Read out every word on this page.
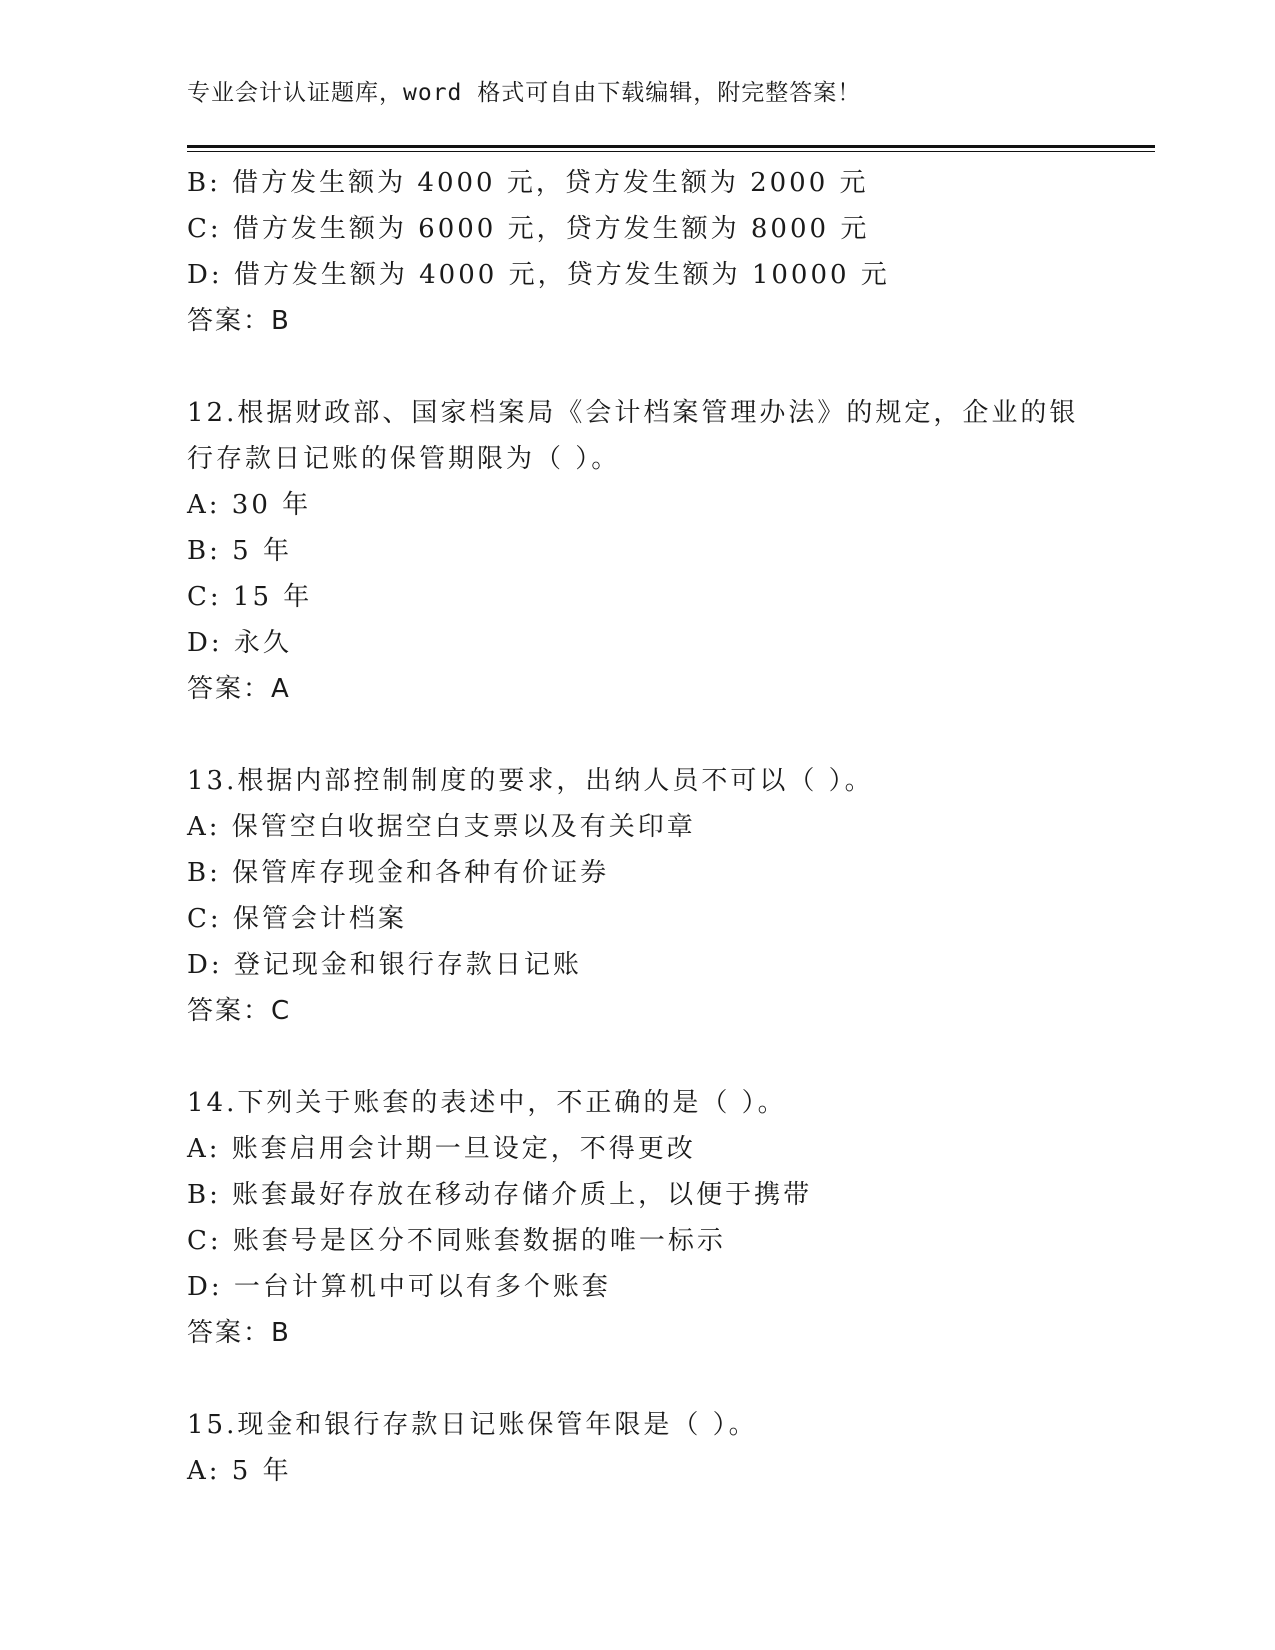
专业会计认证题库，word 格式可自由下载编辑，附完整答案！
B: 借方发生额为 4000 元，贷方发生额为 2000 元
C: 借方发生额为 6000 元，贷方发生额为 8000 元
D: 借方发生额为 4000 元，贷方发生额为 10000 元
答案：B
12.根据财政部、国家档案局《会计档案管理办法》的规定，企业的银
行存款日记账的保管期限为（ ）。
A: 30 年
B: 5 年
C: 15 年
D: 永久
答案：A
13.根据内部控制制度的要求，出纳人员不可以（ ）。
A: 保管空白收据空白支票以及有关印章
B: 保管库存现金和各种有价证券
C: 保管会计档案
D: 登记现金和银行存款日记账
答案：C
14.下列关于账套的表述中，不正确的是（ ）。
A: 账套启用会计期一旦设定，不得更改
B: 账套最好存放在移动存储介质上，以便于携带
C: 账套号是区分不同账套数据的唯一标示
D: 一台计算机中可以有多个账套
答案：B
15.现金和银行存款日记账保管年限是（ ）。
A: 5 年
